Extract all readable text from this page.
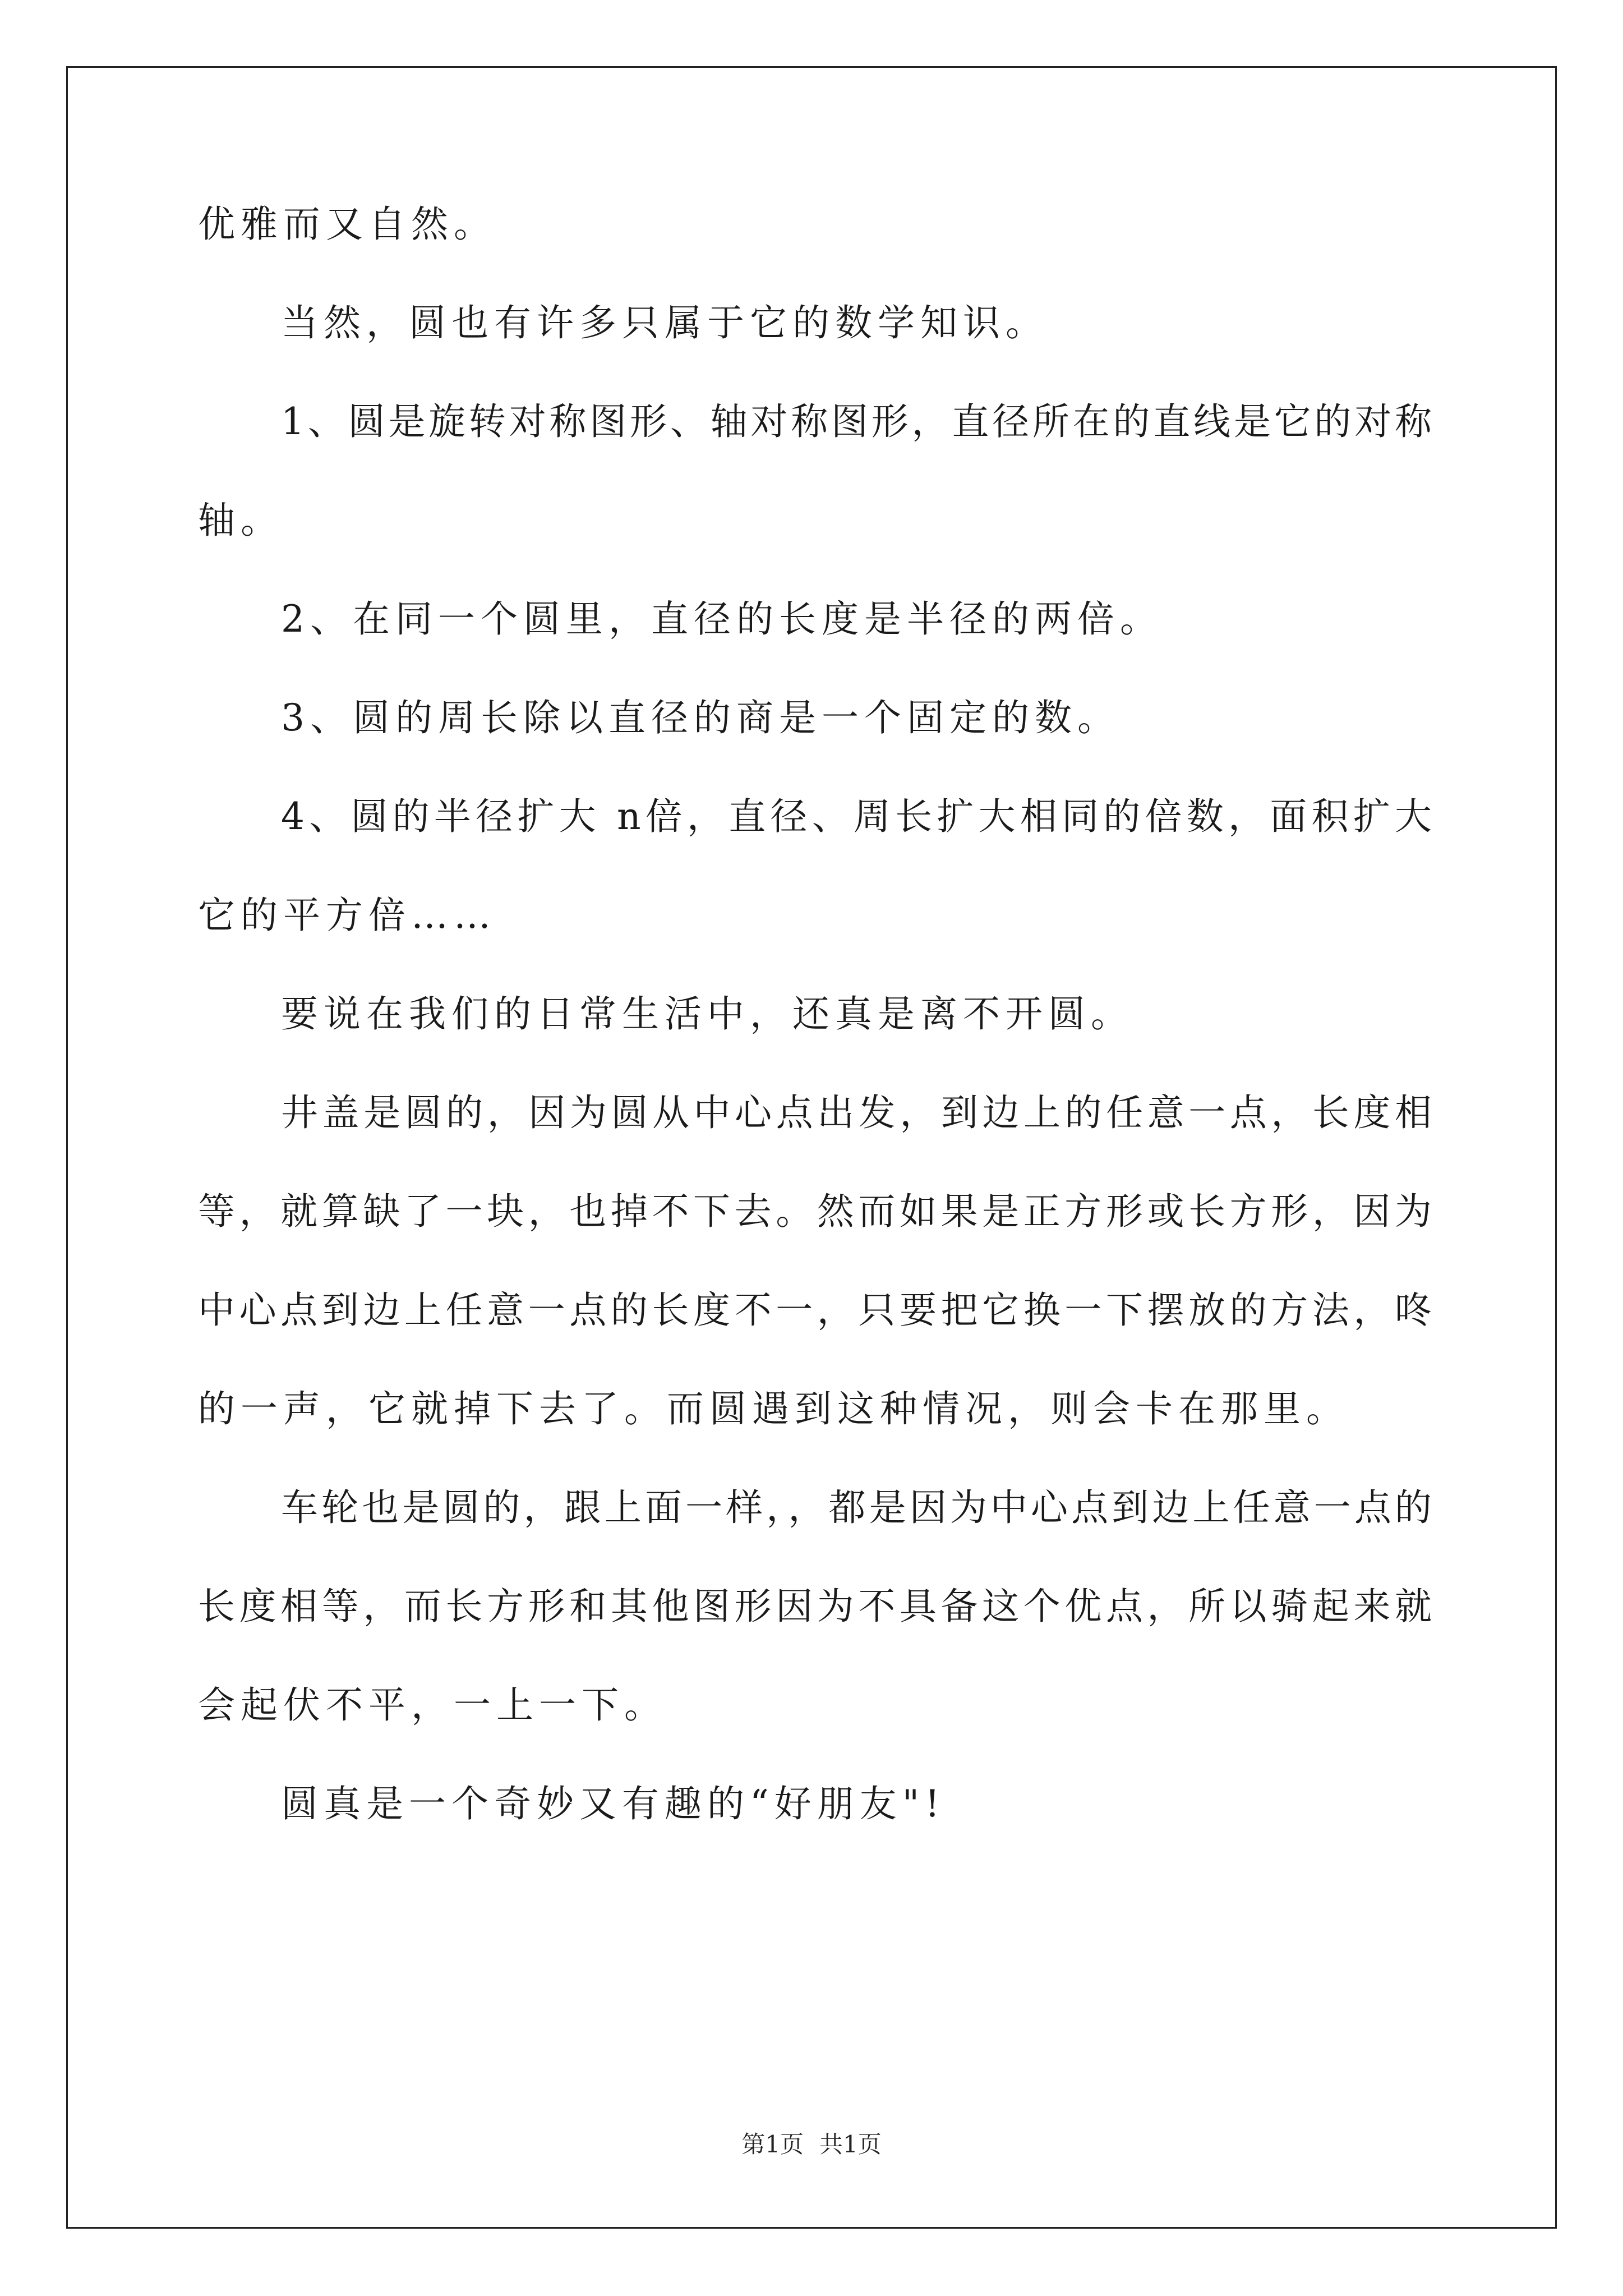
优雅而又自然。
当然，圆也有许多只属于它的数学知识。
1、圆是旋转对称图形、轴对称图形，直径所在的直线是它的对称
轴。
2、在同一个圆里，直径的长度是半径的两倍。
3、圆的周长除以直径的商是一个固定的数。
4、圆的半径扩大 n倍，直径、周长扩大相同的倍数，面积扩大
它的平方倍……
要说在我们的日常生活中，还真是离不开圆。
井盖是圆的，因为圆从中心点出发，到边上的任意一点，长度相
等，就算缺了一块，也掉不下去。然而如果是正方形或长方形，因为
中心点到边上任意一点的长度不一，只要把它换一下摆放的方法，咚
的一声，它就掉下去了。而圆遇到这种情况，则会卡在那里。
车轮也是圆的，跟上面一样，，都是因为中心点到边上任意一点的
长度相等，而长方形和其他图形因为不具备这个优点，所以骑起来就
会起伏不平，一上一下。
圆真是一个奇妙又有趣的“好朋友"!
第1页 共1页
